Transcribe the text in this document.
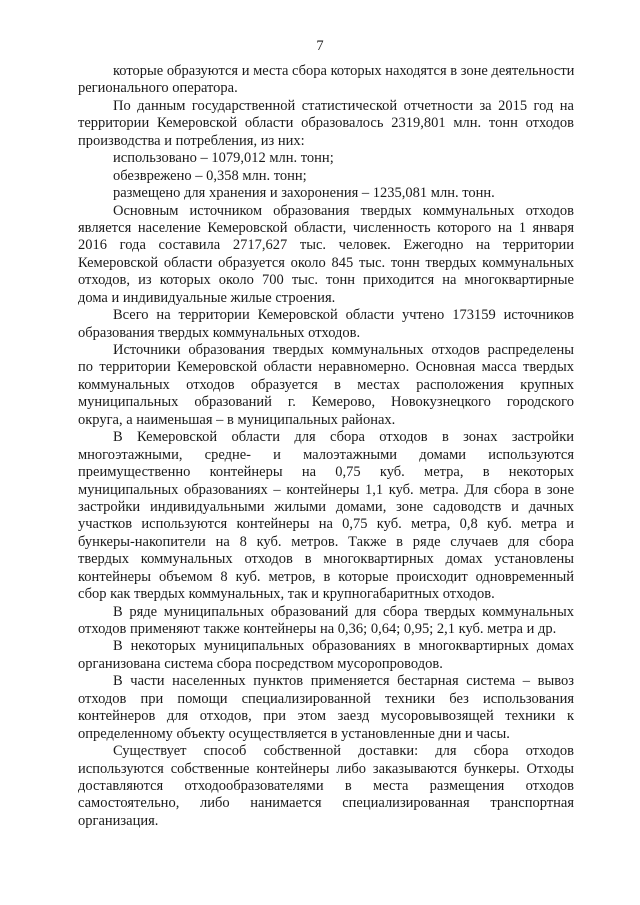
7
которые образуются и места сбора которых находятся в зоне деятельности
регионального оператора.
По данным государственной статистической отчетности за 2015 год на
территории Кемеровской области образовалось 2319,801 млн. тонн отходов
производства и потребления, из них:
использовано – 1079,012 млн. тонн;
обезврежено – 0,358 млн. тонн;
размещено для хранения и захоронения – 1235,081 млн. тонн.
Основным источником образования твердых коммунальных отходов
является население Кемеровской области, численность которого на 1 января
2016 года составила 2717,627 тыс. человек. Ежегодно на территории
Кемеровской области образуется около 845 тыс. тонн твердых коммунальных
отходов, из которых около 700 тыс. тонн приходится на многоквартирные
дома и индивидуальные жилые строения.
Всего на территории Кемеровской области учтено 173159 источников
образования твердых коммунальных отходов.
Источники образования твердых коммунальных отходов распределены
по территории Кемеровской области неравномерно. Основная масса твердых
коммунальных отходов образуется в местах расположения крупных
муниципальных образований г. Кемерово, Новокузнецкого городского
округа, а наименьшая – в муниципальных районах.
В Кемеровской области для сбора отходов в зонах застройки
многоэтажными, средне- и малоэтажными домами используются
преимущественно контейнеры на 0,75 куб. метра, в некоторых
муниципальных образованиях – контейнеры 1,1 куб. метра. Для сбора в зоне
застройки индивидуальными жилыми домами, зоне садоводств и дачных
участков используются контейнеры на 0,75 куб. метра, 0,8 куб. метра и
бункеры-накопители на 8 куб. метров. Также в ряде случаев для сбора
твердых коммунальных отходов в многоквартирных домах установлены
контейнеры объемом 8 куб. метров, в которые происходит одновременный
сбор как твердых коммунальных, так и крупногабаритных отходов.
В ряде муниципальных образований для сбора твердых коммунальных
отходов применяют также контейнеры на 0,36; 0,64; 0,95; 2,1 куб. метра и др.
В некоторых муниципальных образованиях в многоквартирных домах
организована система сбора посредством мусоропроводов.
В части населенных пунктов применяется бестарная система – вывоз
отходов при помощи специализированной техники без использования
контейнеров для отходов, при этом заезд мусоровывозящей техники к
определенному объекту осуществляется в установленные дни и часы.
Существует способ собственной доставки: для сбора отходов
используются собственные контейнеры либо заказываются бункеры. Отходы
доставляются отходообразователями в места размещения отходов
самостоятельно, либо нанимается специализированная транспортная
организация.
